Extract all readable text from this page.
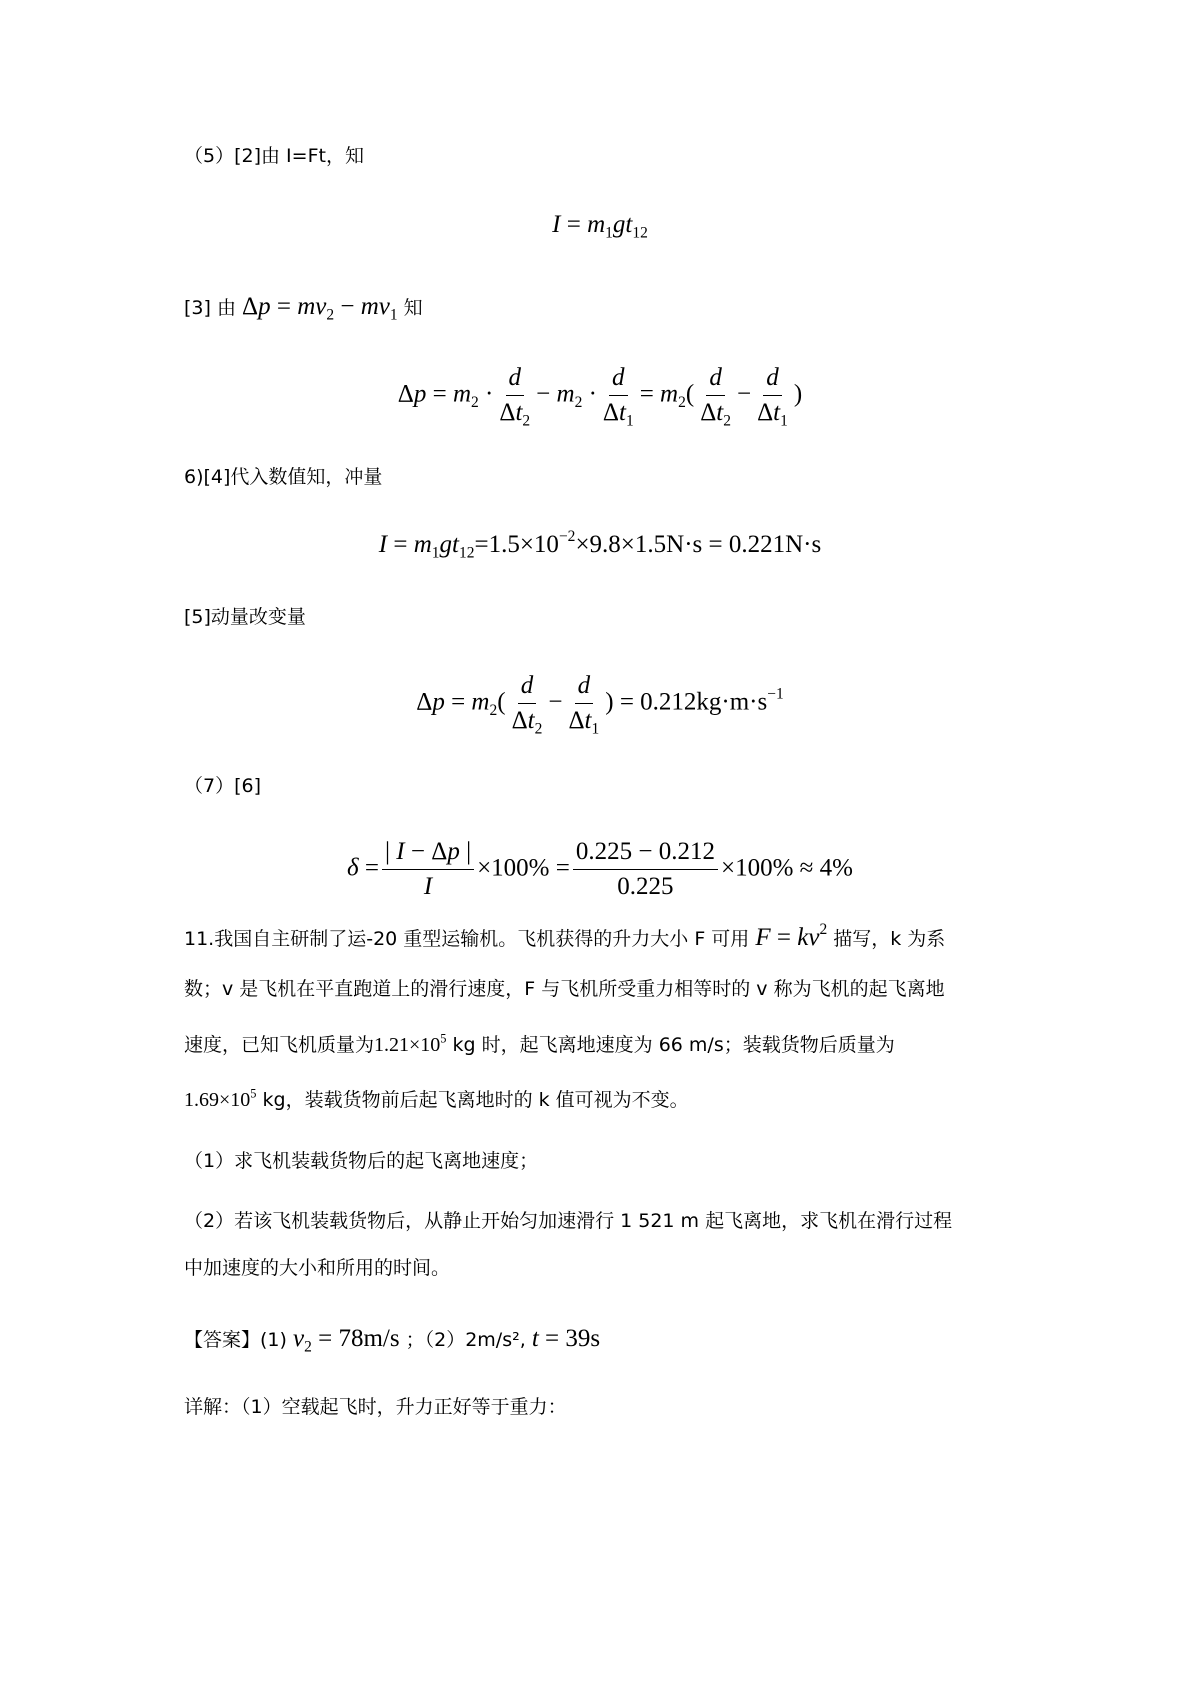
（5）[2]由 I=Ft，知
$I = m_1gt_{12}$
[3] 由 $\Delta p = mv_2 - mv_1$ 知
$\Delta p = m_2 \cdot \frac{d}{\Delta t_2} - m_2 \cdot \frac{d}{\Delta t_1} = m_2( \frac{d}{\Delta t_2} - \frac{d}{\Delta t_1}$ )
6)[4]代入数值知，冲量
$I = m_1gt_{12}=1.5\times 10^{-2}\times 9.8\times 1.5N\cdot s = 0.221N\cdot s$
[5]动量改变量
$\Delta p = m_2( \frac{d}{\Delta t_2} - \frac{d}{\Delta t_1}$ ) = $0.212kg\cdot m\cdot s^{-1}$
（7）[6]
$\delta = \frac{| I - \Delta p |}{I} \times 100\% = \frac{0.225 - 0.212}{0.225} \times 100\% \approx 4\%$
11.我国自主研制了运-20 重型运输机。飞机获得的升力大小 F 可用 $F = kv^2$ 描写，k 为系
数；v 是飞机在平直跑道上的滑行速度，F 与飞机所受重力相等时的 v 称为飞机的起飞离地
速度，已知飞机质量为$1.21\times 10^5$ kg 时，起飞离地速度为 66 m/s；装载货物后质量为
$1.69\times 10^5$ kg，装载货物前后起飞离地时的 k 值可视为不变。
（1）求飞机装载货物后的起飞离地速度；
（2）若该飞机装载货物后，从静止开始匀加速滑行 1 521 m 起飞离地，求飞机在滑行过程
中加速度的大小和所用的时间。
【答案】(1) $v_2 = 78m/s$ ；（2）2m/s², t = 39s
详解：（1）空载起飞时，升力正好等于重力：
